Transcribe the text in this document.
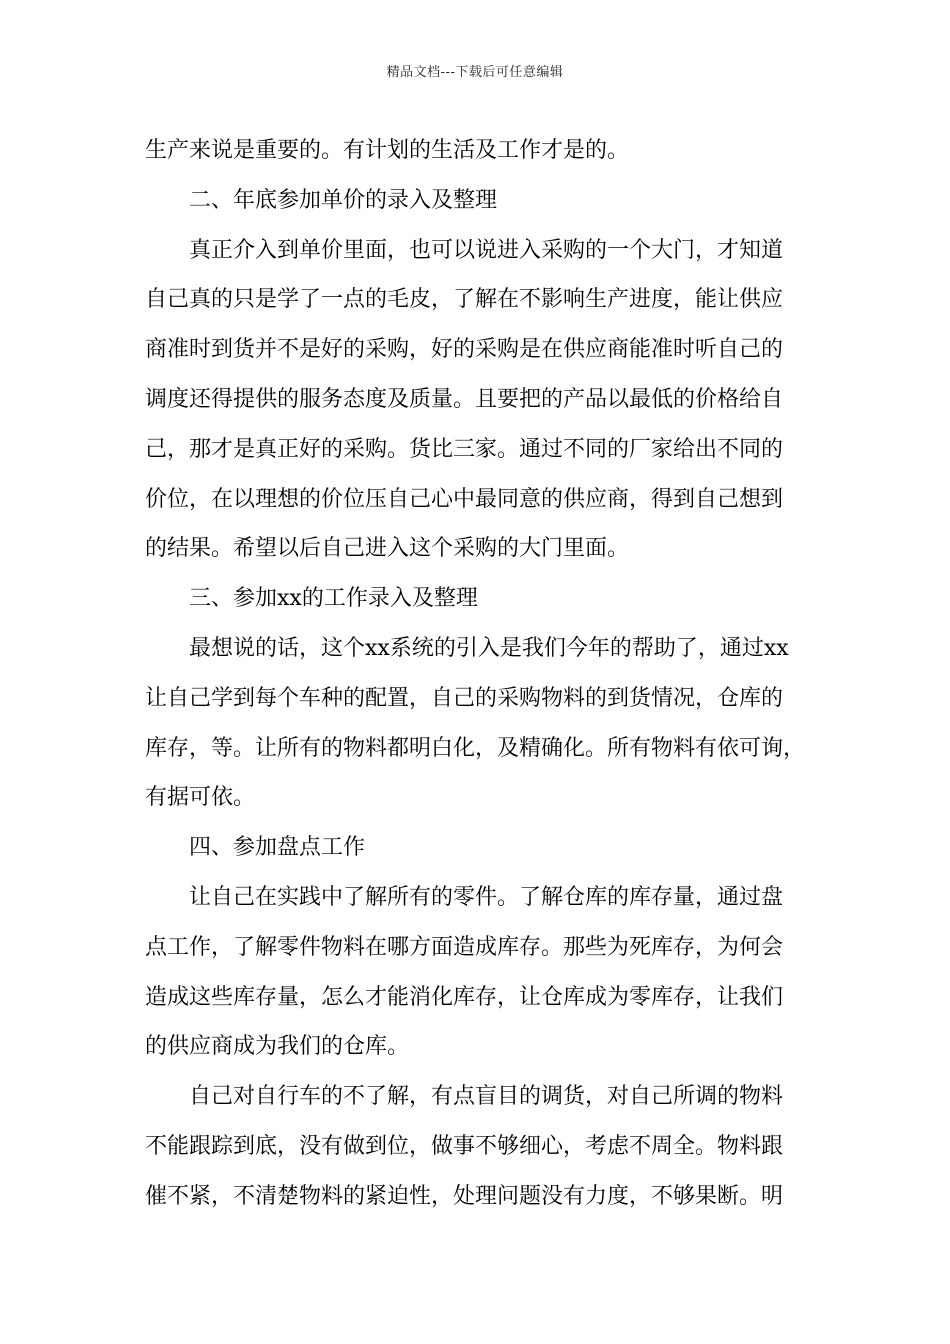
精品文档---下载后可任意编辑
生产来说是重要的。有计划的生活及工作才是的。
二、年底参加单价的录入及整理
真正介入到单价里面，也可以说进入采购的一个大门，才知道
自己真的只是学了一点的毛皮，了解在不影响生产进度，能让供应
商准时到货并不是好的采购，好的采购是在供应商能准时听自己的
调度还得提供的服务态度及质量。且要把的产品以最低的价格给自
己，那才是真正好的采购。货比三家。通过不同的厂家给出不同的
价位，在以理想的价位压自己心中最同意的供应商，得到自己想到
的结果。希望以后自己进入这个采购的大门里面。
三、参加xx的工作录入及整理
最想说的话，这个xx系统的引入是我们今年的帮助了，通过xx
让自己学到每个车种的配置，自己的采购物料的到货情况，仓库的
库存，等。让所有的物料都明白化，及精确化。所有物料有依可询，
有据可依。
四、参加盘点工作
让自己在实践中了解所有的零件。了解仓库的库存量，通过盘
点工作，了解零件物料在哪方面造成库存。那些为死库存，为何会
造成这些库存量，怎么才能消化库存，让仓库成为零库存，让我们
的供应商成为我们的仓库。
自己对自行车的不了解，有点盲目的调货，对自己所调的物料
不能跟踪到底，没有做到位，做事不够细心，考虑不周全。物料跟
催不紧，不清楚物料的紧迫性，处理问题没有力度，不够果断。明
